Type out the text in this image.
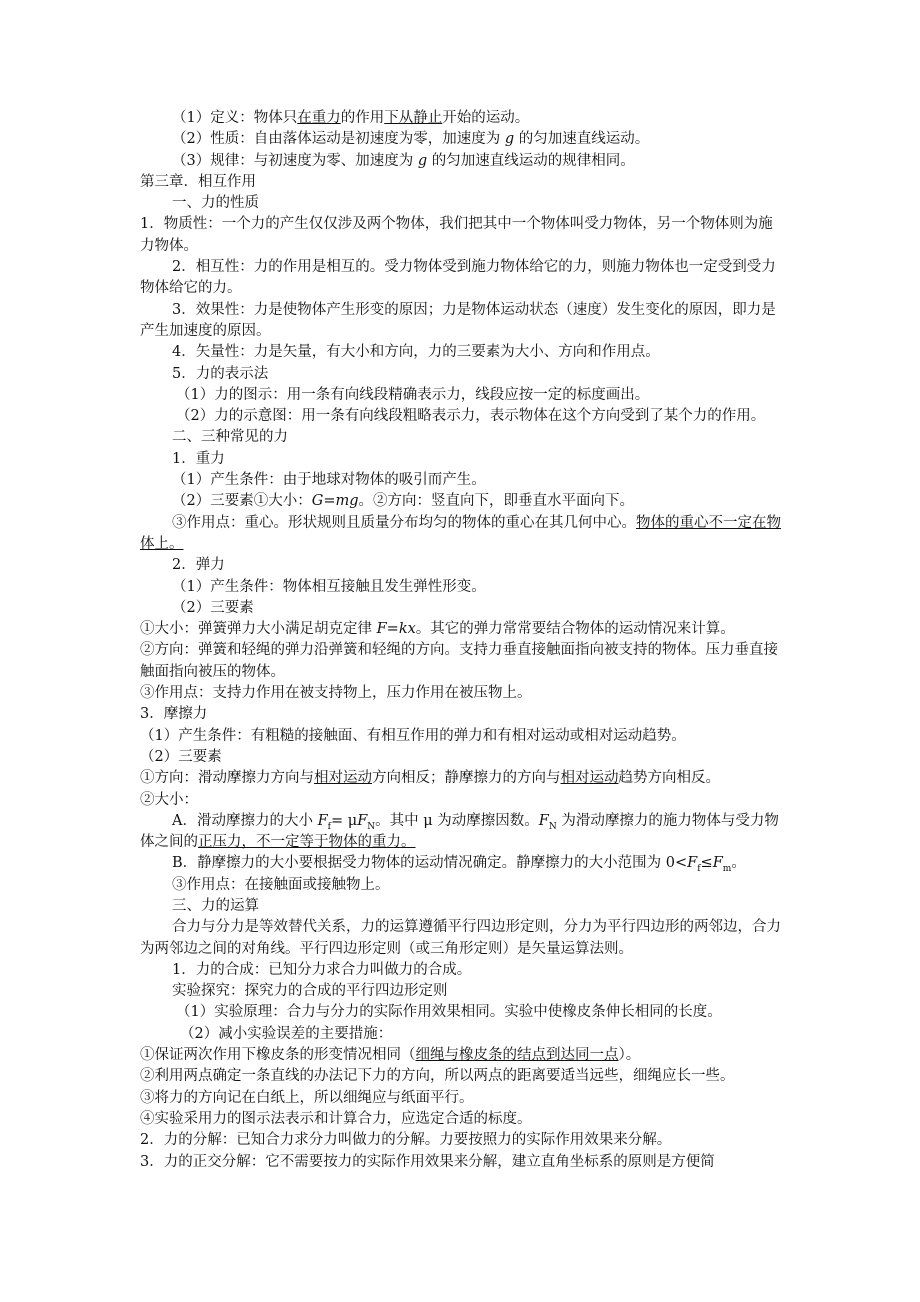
（1）定义：物体只在重力的作用下从静止开始的运动。
（2）性质：自由落体运动是初速度为零，加速度为 g 的匀加速直线运动。
（3）规律：与初速度为零、加速度为 g 的匀加速直线运动的规律相同。
第三章．相互作用
一、力的性质
1．物质性：一个力的产生仅仅涉及两个物体，我们把其中一个物体叫受力物体，另一个物体则为施力物体。
2．相互性：力的作用是相互的。受力物体受到施力物体给它的力，则施力物体也一定受到受力物体给它的力。
3．效果性：力是使物体产生形变的原因；力是物体运动状态（速度）发生变化的原因，即力是产生加速度的原因。
4．矢量性：力是矢量，有大小和方向，力的三要素为大小、方向和作用点。
5．力的表示法
（1）力的图示：用一条有向线段精确表示力，线段应按一定的标度画出。
（2）力的示意图：用一条有向线段粗略表示力，表示物体在这个方向受到了某个力的作用。
二、三种常见的力
1．重力
（1）产生条件：由于地球对物体的吸引而产生。
（2）三要素①大小：G=mg。②方向：竖直向下，即垂直水平面向下。
③作用点：重心。形状规则且质量分布均匀的物体的重心在其几何中心。物体的重心不一定在物体上。
2．弹力
（1）产生条件：物体相互接触且发生弹性形变。
（2）三要素
①大小：弹簧弹力大小满足胡克定律 F=kx。其它的弹力常常要结合物体的运动情况来计算。
②方向：弹簧和轻绳的弹力沿弹簧和轻绳的方向。支持力垂直接触面指向被支持的物体。压力垂直接触面指向被压的物体。
③作用点：支持力作用在被支持物上，压力作用在被压物上。
3．摩擦力
（1）产生条件：有粗糙的接触面、有相互作用的弹力和有相对运动或相对运动趋势。
（2）三要素
①方向：滑动摩擦力方向与相对运动方向相反；静摩擦力的方向与相对运动趋势方向相反。
②大小：
A．滑动摩擦力的大小 $F_f= \mu F_N$。其中 μ 为动摩擦因数。$F_N$ 为滑动摩擦力的施力物体与受力物体之间的正压力，不一定等于物体的重力。
B．静摩擦力的大小要根据受力物体的运动情况确定。静摩擦力的大小范围为 $0<F_f\le F_m$。
③作用点：在接触面或接触物上。
三、力的运算
合力与分力是等效替代关系，力的运算遵循平行四边形定则，分力为平行四边形的两邻边，合力为两邻边之间的对角线。平行四边形定则（或三角形定则）是矢量运算法则。
1．力的合成：已知分力求合力叫做力的合成。
实验探究：探究力的合成的平行四边形定则
（1）实验原理：合力与分力的实际作用效果相同。实验中使橡皮条伸长相同的长度。
（2）减小实验误差的主要措施：
①保证两次作用下橡皮条的形变情况相同（细绳与橡皮条的结点到达同一点）。
②利用两点确定一条直线的办法记下力的方向，所以两点的距离要适当远些，细绳应长一些。
③将力的方向记在白纸上，所以细绳应与纸面平行。
④实验采用力的图示法表示和计算合力，应选定合适的标度。
2．力的分解：已知合力求分力叫做力的分解。力要按照力的实际作用效果来分解。
3．力的正交分解：它不需要按力的实际作用效果来分解，建立直角坐标系的原则是方便简
